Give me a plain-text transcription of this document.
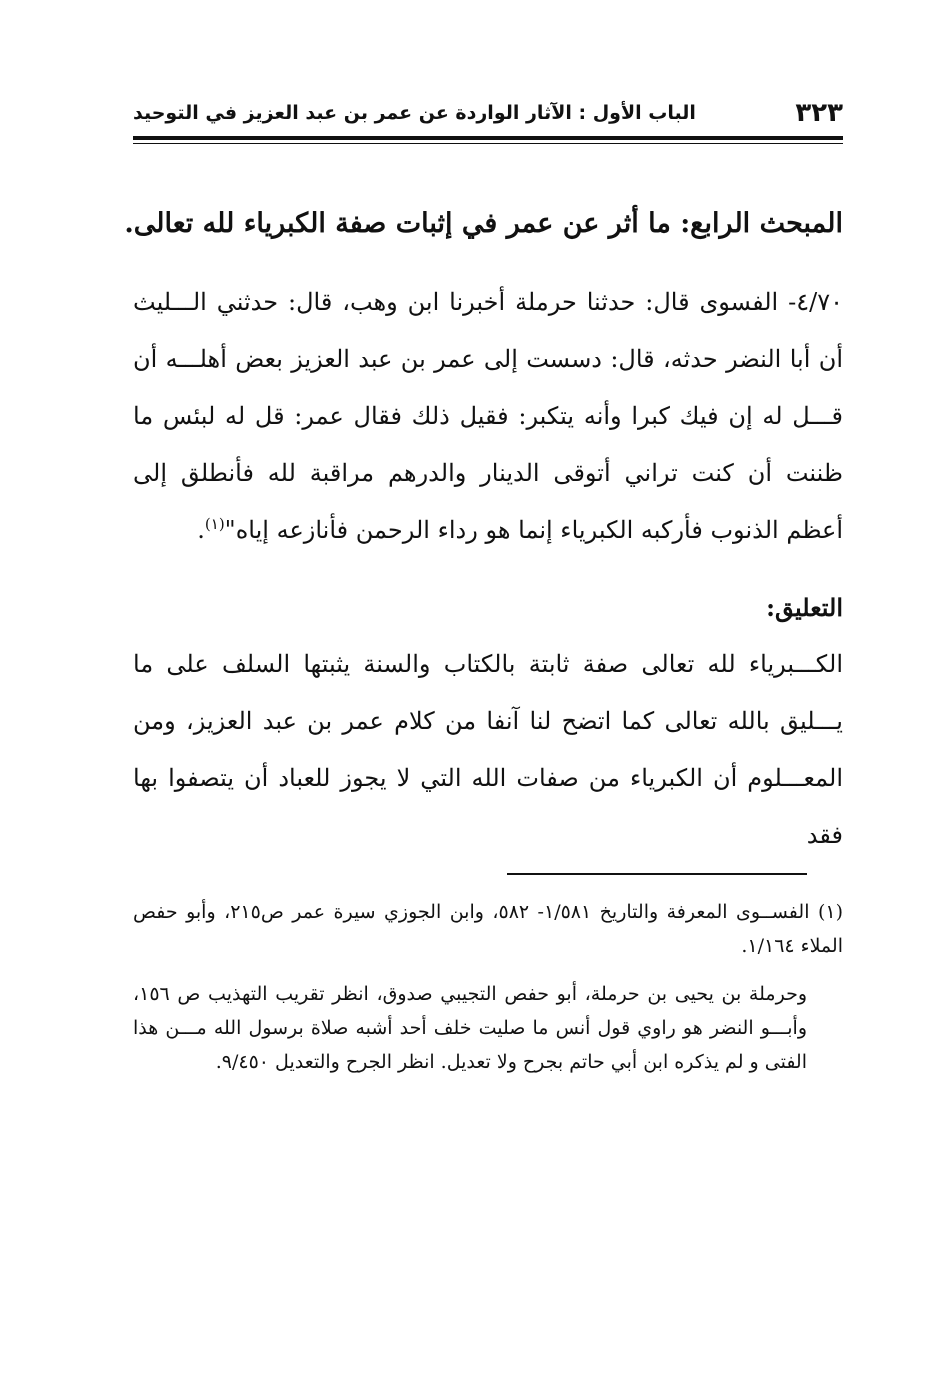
٣٢٣
الباب الأول : الآثار الواردة عن عمر بن عبد العزيز في التوحيد
المبحث الرابع: ما أثر عن عمر في إثبات صفة الكبرياء لله تعالى.

٤/٧٠- الفسوى قال: حدثنا حرملة أخبرنا ابن وهب، قال: حدثني الـــليث أن أبا النضر حدثه، قال: دسست إلى عمر بن عبد العزيز بعض أهلـــه أن قـــل له إن فيك كبرا وأنه يتكبر: فقيل ذلك فقال عمر: قل له لبئس ما ظننت أن كنت تراني أتوقى الدينار والدرهم مراقبة لله فأنطلق إلى أعظم الذنوب فأركبه الكبرياء إنما هو رداء الرحمن فأنازعه إياه"$^{(١)}$.

التعليق:

الكـــبرياء لله تعالى صفة ثابتة بالكتاب والسنة يثبتها السلف على ما يـــليق بالله تعالى كما اتضح لنا آنفا من كلام عمر بن عبد العزيز، ومن المعـــلوم أن الكبرياء من صفات الله التي لا يجوز للعباد أن يتصفوا بها فقد

(١) الفســوى المعرفة والتاريخ ١/٥٨١- ٥٨٢، وابن الجوزي سيرة عمر ص٢١٥، وأبو حفص الملاء ١/١٦٤.

وحرملة بن يحيى بن حرملة، أبو حفص التجيبي صدوق، انظر تقريب التهذيب ص ١٥٦، وأبـــو النضر هو راوي قول أنس ما صليت خلف أحد أشبه صلاة برسول الله مـــن هذا الفتى و لم يذكره ابن أبي حاتم بجرح ولا تعديل. انظر الجرح والتعديل ٩/٤٥٠.
